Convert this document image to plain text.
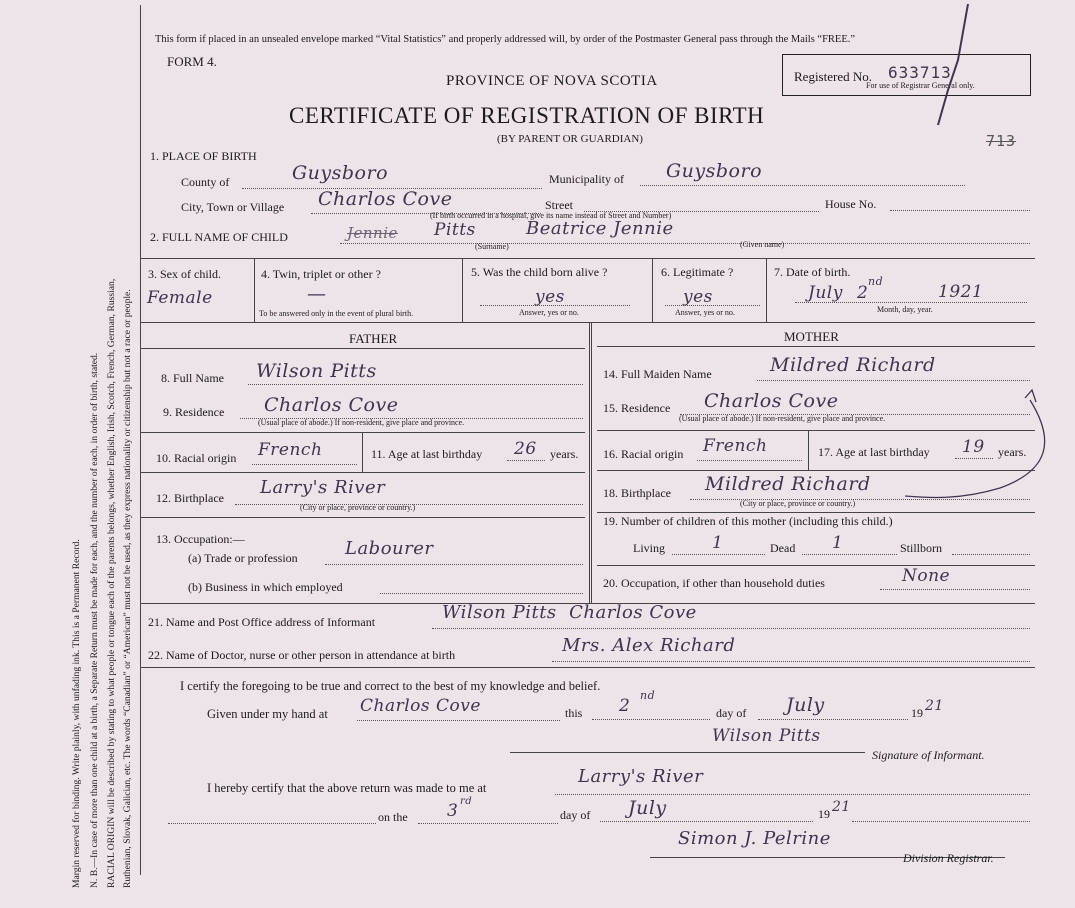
Margin reserved for binding. Write plainly, with unfading ink. This is a Permanent Record. N. B.—In case of more than one child at a birth, a Separate Return must be made for each, and the number of each, in order of birth, stated. RACIAL ORIGIN will be described by stating to what people or tongue each of the parents belongs, whether English, Irish, Scotch, French, German, Russian, Ruthenian, Slovak, Galician, etc. The words “Canadian” or “American” must not be used, as they express nationality or citizenship but not a race or people.
This form if placed in an unsealed envelope marked “Vital Statistics” and properly addressed will, by order of the Postmaster General pass through the Mails “FREE.”
FORM 4.
PROVINCE OF NOVA SCOTIA
CERTIFICATE OF REGISTRATION OF BIRTH
(BY PARENT OR GUARDIAN)
Registered No. 633713
For use of Registrar General only.
713
1. PLACE OF BIRTH
County of	Guysboro	Municipality of Guysboro
City, Town or Village Charlos Cove	Street	House No.
(If birth occurred in a hospital, give its name instead of Street and Number)
2. FULL NAME OF CHILD	Jennie Pitts
(Surname)
Beatrice Jennie
(Given name)
3. Sex of child.
Female
4. Twin, triplet or other ?
—
To be answered only in the event of plural birth.
5. Was the child born alive ?
yes
Answer, yes or no.
6. Legitimate ?
yes
Answer, yes or no.
7. Date of birth.
July 2
nd
1921
Month, day, year.
FATHER	MOTHER
8. Full Name Wilson Pitts
9. Residence Charlos Cove
(Usual place of abode.) If non-resident, give place and province.
10. Racial origin French	11. Age at last birthday 26 years.
12. Birthplace Larry's River
(City or place, province or country.)
13. Occupation:—
(a) Trade or profession	Labourer
(b) Business in which employed
14. Full Maiden Name	Mildred Richard
15. Residence Charlos Cove
(Usual place of abode.) If non-resident, give place and province.
16. Racial origin French	17. Age at last birthday 19 years.
18. Birthplace Mildred Richard
(City or place, province or country.)
19. Number of children of this mother (including this child.)
Living	1	Dead 1	Stillborn
20. Occupation, if other than household duties	None
21. Name and Post Office address of Informant	Wilson Pitts  Charlos Cove
22. Name of Doctor, nurse or other person in attendance at birth	Mrs. Alex Richard
I certify the foregoing to be true and correct to the best of my knowledge and belief.
Given under my hand at Charlos Cove	this 2
nd
day of July	19 21
Wilson Pitts
Signature of Informant.
I hereby certify that the above return was made to me at
Larry's River
on the 3 rd
day of July	19 21
Simon J. Pelrine
Division Registrar.
